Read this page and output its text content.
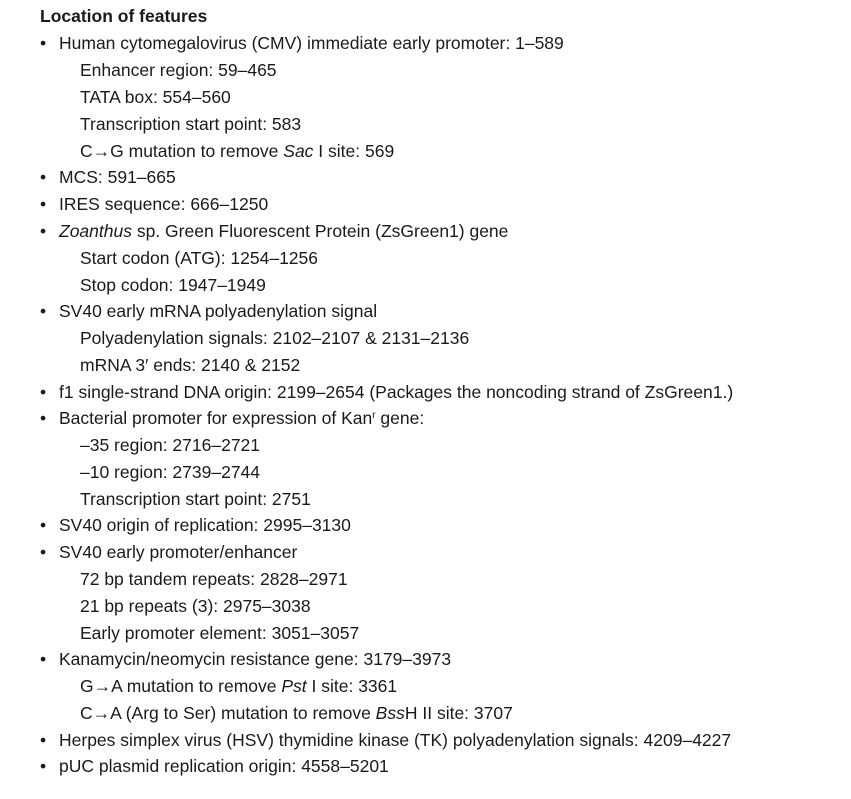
Location of features
• Human cytomegalovirus (CMV) immediate early promoter: 1–589
Enhancer region: 59–465
TATA box: 554–560
Transcription start point: 583
C→G mutation to remove Sac I site: 569
• MCS: 591–665
• IRES sequence: 666–1250
• Zoanthus sp. Green Fluorescent Protein (ZsGreen1) gene
Start codon (ATG): 1254–1256
Stop codon: 1947–1949
• SV40 early mRNA polyadenylation signal
Polyadenylation signals: 2102–2107 & 2131–2136
mRNA 3′ ends: 2140 & 2152
• f1 single-strand DNA origin: 2199–2654 (Packages the noncoding strand of ZsGreen1.)
• Bacterial promoter for expression of Kan$^r$ gene:
–35 region: 2716–2721
–10 region: 2739–2744
Transcription start point: 2751
• SV40 origin of replication: 2995–3130
• SV40 early promoter/enhancer
72 bp tandem repeats: 2828–2971
21 bp repeats (3): 2975–3038
Early promoter element: 3051–3057
• Kanamycin/neomycin resistance gene: 3179–3973
G→A mutation to remove Pst I site: 3361
C→A (Arg to Ser) mutation to remove BssH II site: 3707
• Herpes simplex virus (HSV) thymidine kinase (TK) polyadenylation signals: 4209–4227
• pUC plasmid replication origin: 4558–5201
